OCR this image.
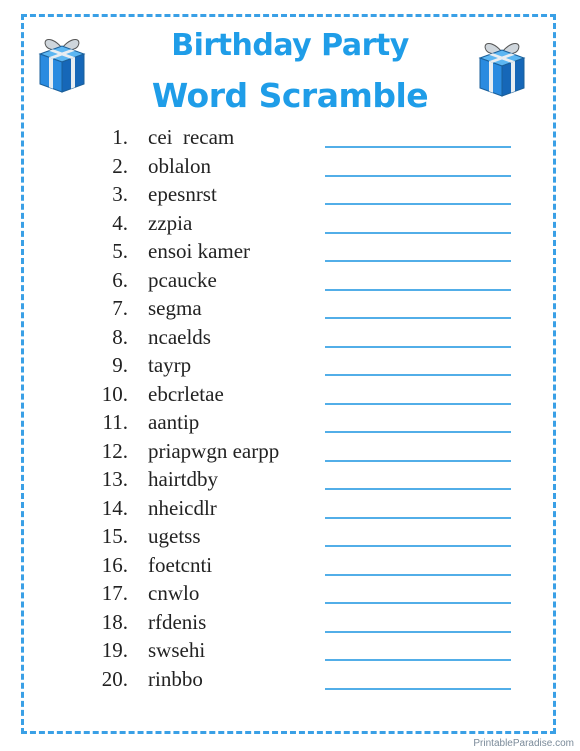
Birthday Party
Word Scramble
1. cei  recam
2. oblalon
3. epesnrst
4. zzpia
5. ensoi kamer
6. pcaucke
7. segma
8. ncaelds
9. tayrp
10. ebcrletae
11. aantip
12. priapwgn earpp
13. hairtdby
14. nheicdlr
15. ugetss
16. foetcnti
17. cnwlo
18. rfdenis
19. swsehi
20. rinbbo
PrintableParadise.com
